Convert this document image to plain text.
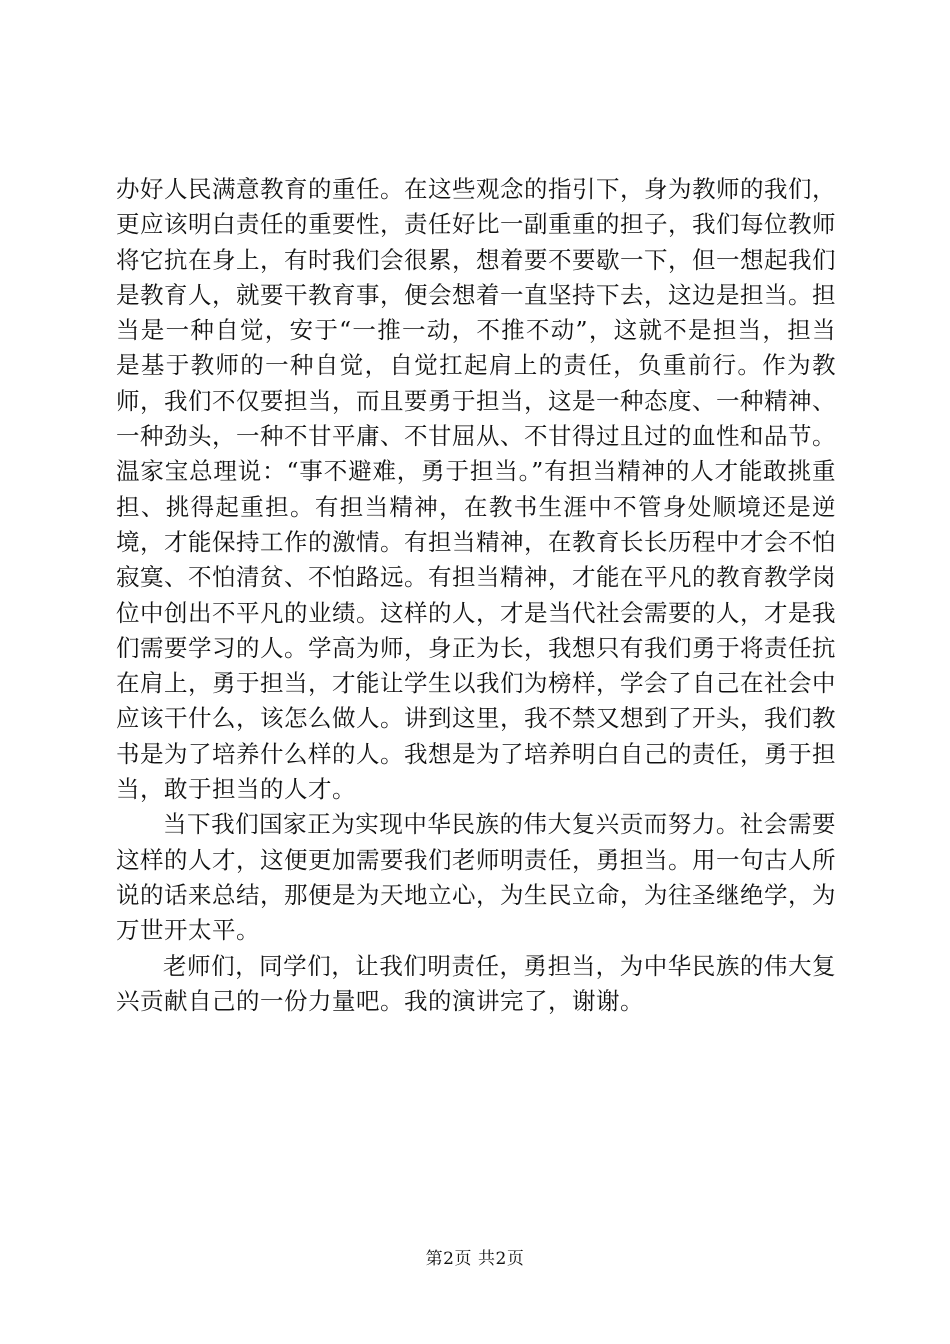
办好人民满意教育的重任。在这些观念的指引下，身为教师的我们，更应该明白责任的重要性，责任好比一副重重的担子，我们每位教师将它抗在身上，有时我们会很累，想着要不要歇一下，但一想起我们是教育人，就要干教育事，便会想着一直坚持下去，这边是担当。担当是一种自觉，安于“一推一动，不推不动”，这就不是担当，担当是基于教师的一种自觉，自觉扛起肩上的责任，负重前行。作为教师，我们不仅要担当，而且要勇于担当，这是一种态度、一种精神、一种劲头，一种不甘平庸、不甘屈从、不甘得过且过的血性和品节。温家宝总理说：“事不避难，勇于担当。”有担当精神的人才能敢挑重担、挑得起重担。有担当精神，在教书生涯中不管身处顺境还是逆境，才能保持工作的激情。有担当精神，在教育长长历程中才会不怕寂寞、不怕清贫、不怕路远。有担当精神，才能在平凡的教育教学岗位中创出不平凡的业绩。这样的人，才是当代社会需要的人，才是我们需要学习的人。学高为师，身正为长，我想只有我们勇于将责任抗在肩上，勇于担当，才能让学生以我们为榜样，学会了自己在社会中应该干什么，该怎么做人。讲到这里，我不禁又想到了开头，我们教书是为了培养什么样的人。我想是为了培养明白自己的责任，勇于担当，敢于担当的人才。

当下我们国家正为实现中华民族的伟大复兴贡而努力。社会需要这样的人才，这便更加需要我们老师明责任，勇担当。用一句古人所说的话来总结，那便是为天地立心，为生民立命，为往圣继绝学，为万世开太平。

老师们，同学们，让我们明责任，勇担当，为中华民族的伟大复兴贡献自己的一份力量吧。我的演讲完了，谢谢。

第2页 共2页
